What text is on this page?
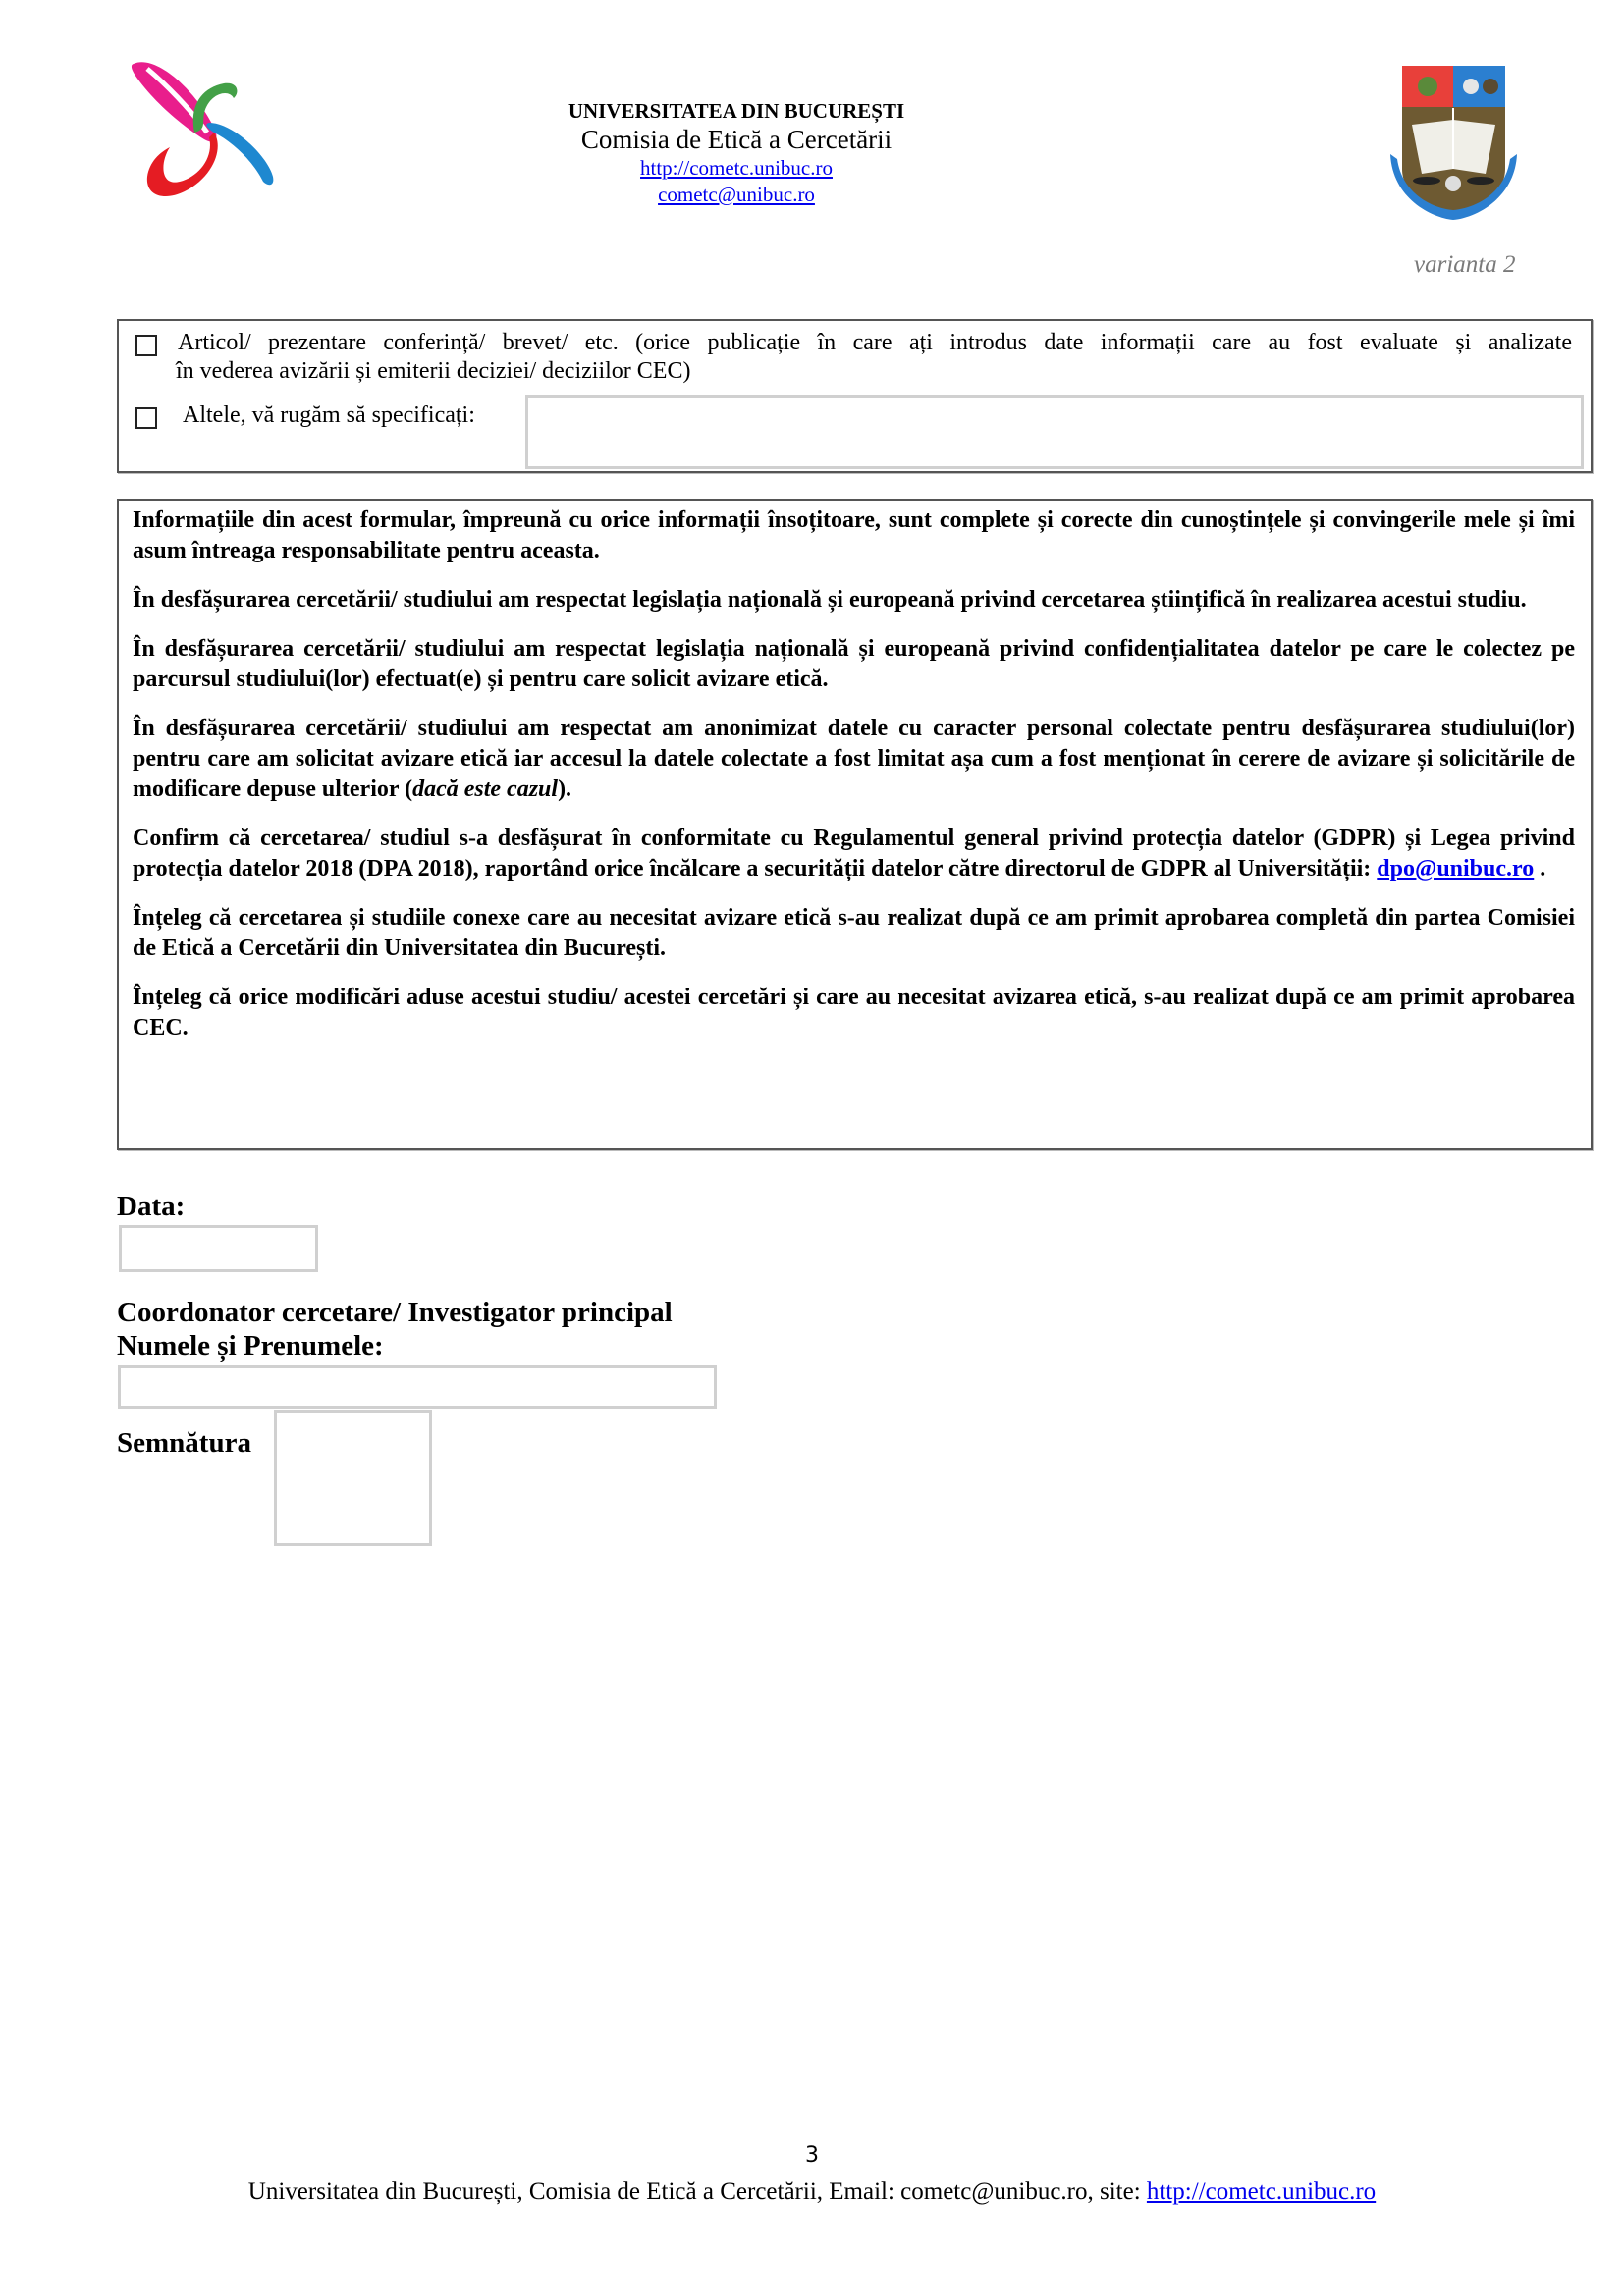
UNIVERSITATEA DIN BUCUREȘTI
Comisia de Etică a Cercetării
http://cometc.unibuc.ro
cometc@unibuc.ro
varianta 2
Articol/ prezentare conferință/ brevet/ etc. (orice publicație în care ați introdus date informații care au fost evaluate și analizate
în vederea avizării și emiterii deciziei/ deciziilor CEC)
Altele, vă rugăm să specificați:

Informațiile din acest formular, împreună cu orice informații însoțitoare, sunt complete și corecte din cunoștințele și convingerile mele și îmi asum întreaga responsabilitate pentru aceasta.

În desfășurarea cercetării/ studiului am respectat legislația națională și europeană privind cercetarea științifică în realizarea acestui studiu.

În desfășurarea cercetării/ studiului am respectat legislația națională și europeană privind confidențialitatea datelor pe care le colectez pe parcursul studiului(lor) efectuat(e) și pentru care solicit avizare etică.

În desfășurarea cercetării/ studiului am respectat am anonimizat datele cu caracter personal colectate pentru desfășurarea studiului(lor) pentru care am solicitat avizare etică iar accesul la datele colectate a fost limitat așa cum a fost menționat în cerere de avizare și solicitările de modificare depuse ulterior (dacă este cazul).

Confirm că cercetarea/ studiul s-a desfășurat în conformitate cu Regulamentul general privind protecția datelor (GDPR) și Legea privind protecția datelor 2018 (DPA 2018), raportând orice încălcare a securității datelor către directorul de GDPR al Universității: dpo@unibuc.ro .

Înțeleg că cercetarea și studiile conexe care au necesitat avizare etică s-au realizat după ce am primit aprobarea completă din partea Comisiei de Etică a Cercetării din Universitatea din București.

Înțeleg că orice modificări aduse acestui studiu/ acestei cercetări și care au necesitat avizarea etică, s-au realizat după ce am primit aprobarea CEC.

Data:
Coordonator cercetare/ Investigator principal
Numele și Prenumele:
Semnătura
3
Universitatea din București, Comisia de Etică a Cercetării, Email: cometc@unibuc.ro, site: http://cometc.unibuc.ro
